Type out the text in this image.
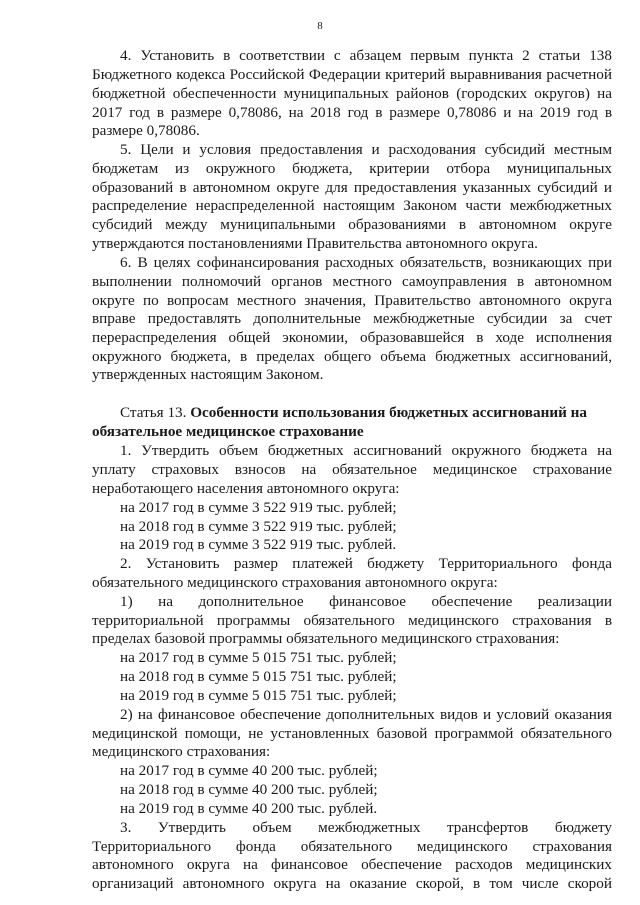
8
4. Установить в соответствии с абзацем первым пункта 2 статьи 138
Бюджетного кодекса Российской Федерации критерий выравнивания расчетной
бюджетной обеспеченности муниципальных районов (городских округов) на
2017 год в размере 0,78086, на 2018 год в размере 0,78086 и на 2019 год в
размере 0,78086.
5. Цели и условия предоставления и расходования субсидий местным
бюджетам из окружного бюджета, критерии отбора муниципальных
образований в автономном округе для предоставления указанных субсидий и
распределение нераспределенной настоящим Законом части межбюджетных
субсидий между муниципальными образованиями в автономном округе
утверждаются постановлениями Правительства автономного округа.
6. В целях софинансирования расходных обязательств, возникающих при
выполнении полномочий органов местного самоуправления в автономном
округе по вопросам местного значения, Правительство автономного округа
вправе предоставлять дополнительные межбюджетные субсидии за счет
перераспределения общей экономии, образовавшейся в ходе исполнения
окружного бюджета, в пределах общего объема бюджетных ассигнований,
утвержденных настоящим Законом.
Статья 13. Особенности использования бюджетных ассигнований на
обязательное медицинское страхование
1. Утвердить объем бюджетных ассигнований окружного бюджета на
уплату страховых взносов на обязательное медицинское страхование
неработающего населения автономного округа:
на 2017 год в сумме 3 522 919 тыс. рублей;
на 2018 год в сумме 3 522 919 тыс. рублей;
на 2019 год в сумме 3 522 919 тыс. рублей.
2. Установить размер платежей бюджету Территориального фонда
обязательного медицинского страхования автономного округа:
1) на дополнительное финансовое обеспечение реализации
территориальной программы обязательного медицинского страхования в
пределах базовой программы обязательного медицинского страхования:
на 2017 год в сумме 5 015 751 тыс. рублей;
на 2018 год в сумме 5 015 751 тыс. рублей;
на 2019 год в сумме 5 015 751 тыс. рублей;
2) на финансовое обеспечение дополнительных видов и условий оказания
медицинской помощи, не установленных базовой программой обязательного
медицинского страхования:
на 2017 год в сумме 40 200 тыс. рублей;
на 2018 год в сумме 40 200 тыс. рублей;
на 2019 год в сумме 40 200 тыс. рублей.
3. Утвердить объем межбюджетных трансфертов бюджету
Территориального фонда обязательного медицинского страхования
автономного округа на финансовое обеспечение расходов медицинских
организаций автономного округа на оказание скорой, в том числе скорой
